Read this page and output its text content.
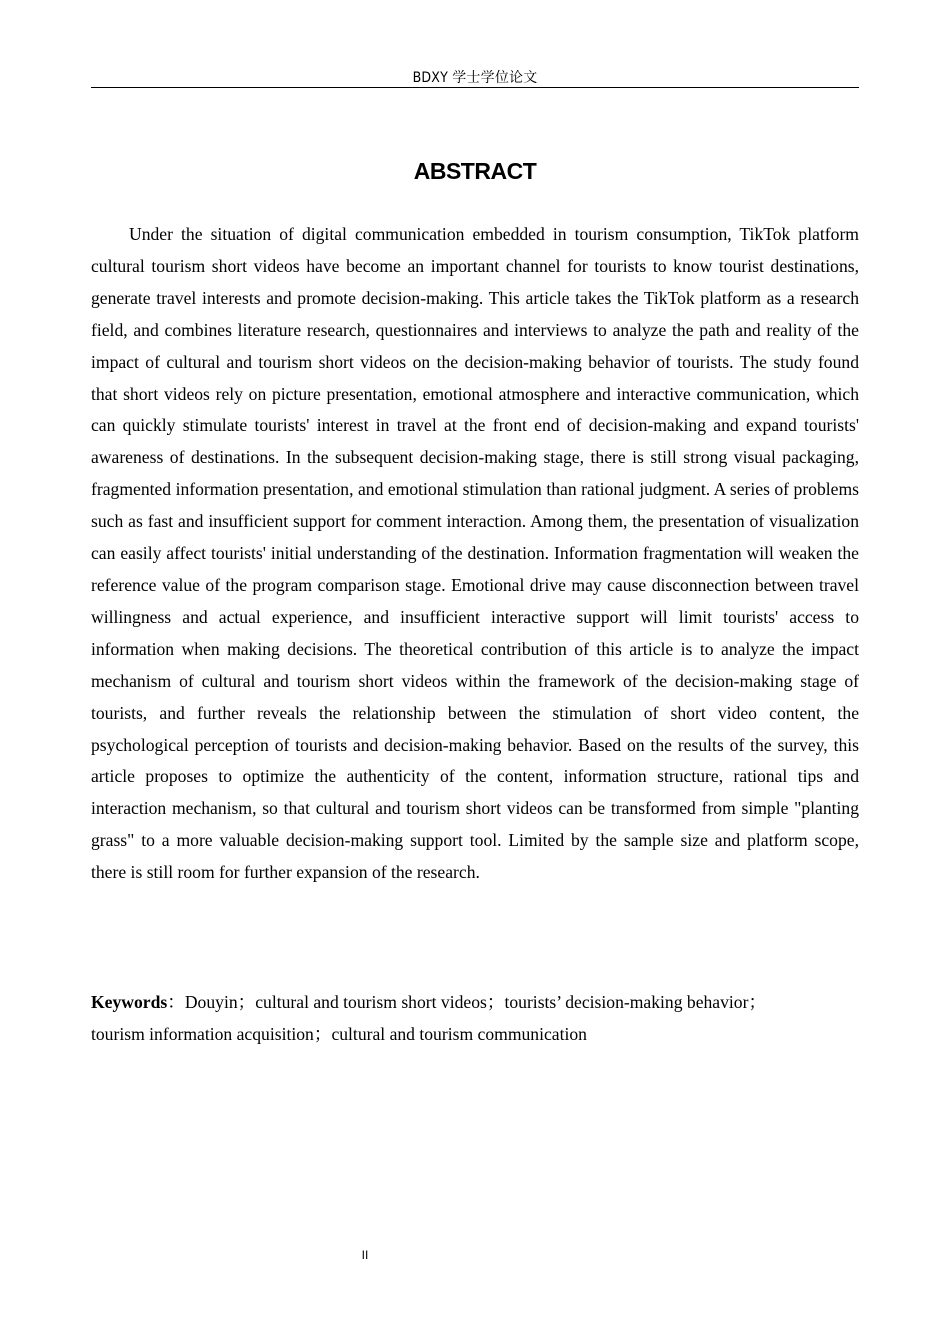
BDXY 学士学位论文
ABSTRACT

Under the situation of digital communication embedded in tourism consumption, TikTok platform cultural tourism short videos have become an important channel for tourists to know tourist destinations, generate travel interests and promote decision-making. This article takes the TikTok platform as a research field, and combines literature research, questionnaires and interviews to analyze the path and reality of the impact of cultural and tourism short videos on the decision-making behavior of tourists. The study found that short videos rely on picture presentation, emotional atmosphere and interactive communication, which can quickly stimulate tourists' interest in travel at the front end of decision-making and expand tourists' awareness of destinations. In the subsequent decision-making stage, there is still strong visual packaging, fragmented information presentation, and emotional stimulation than rational judgment. A series of problems such as fast and insufficient support for comment interaction. Among them, the presentation of visualization can easily affect tourists' initial understanding of the destination. Information fragmentation will weaken the reference value of the program comparison stage. Emotional drive may cause disconnection between travel willingness and actual experience, and insufficient interactive support will limit tourists' access to information when making decisions. The theoretical contribution of this article is to analyze the impact mechanism of cultural and tourism short videos within the framework of the decision-making stage of tourists, and further reveals the relationship between the stimulation of short video content, the psychological perception of tourists and decision-making behavior. Based on the results of the survey, this article proposes to optimize the authenticity of the content, information structure, rational tips and interaction mechanism, so that cultural and tourism short videos can be transformed from simple "planting grass" to a more valuable decision-making support tool. Limited by the sample size and platform scope, there is still room for further expansion of the research.

Keywords：Douyin；cultural and tourism short videos；tourists’ decision-making behavior；
tourism information acquisition；cultural and tourism communication

II
